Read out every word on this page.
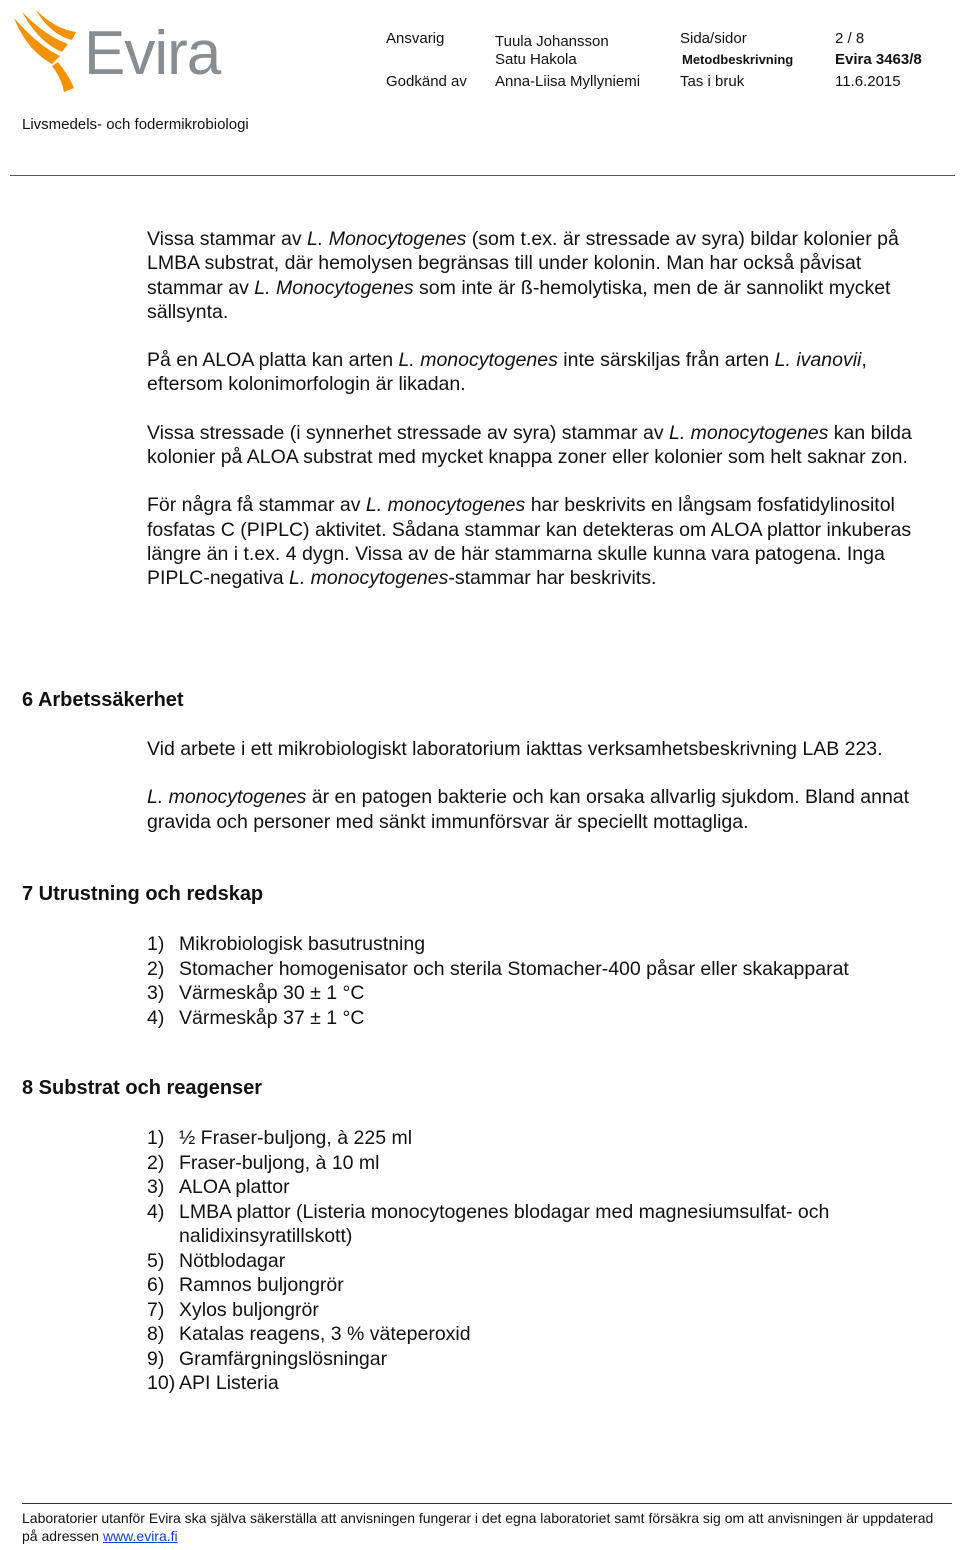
Evira	Ansvarig	Tuula Johansson
Satu Hakola
Godkänd av Anna-Liisa Myllyniemi
Sida/sidor
Metodbeskrivning
Tas i bruk
2 / 8
Evira 3463/8
11.6.2015
Livsmedels- och fodermikrobiologi

Vissa stammar av L. Monocytogenes (som t.ex. är stressade av syra) bildar kolonier på LMBA substrat, där hemolysen begränsas till under kolonin. Man har också påvisat stammar av L. Monocytogenes som inte är ß-hemolytiska, men de är sannolikt mycket sällsynta.

På en ALOA platta kan arten L. monocytogenes inte särskiljas från arten L. ivanovii, eftersom kolonimorfologin är likadan.

Vissa stressade (i synnerhet stressade av syra) stammar av L. monocytogenes kan bilda kolonier på ALOA substrat med mycket knappa zoner eller kolonier som helt saknar zon.

För några få stammar av L. monocytogenes har beskrivits en långsam fosfatidylinositol fosfatas C (PIPLC) aktivitet. Sådana stammar kan detekteras om ALOA plattor inkuberas längre än i t.ex. 4 dygn. Vissa av de här stammarna skulle kunna vara patogena. Inga PIPLC-negativa L. monocytogenes-stammar har beskrivits.

6 Arbetssäkerhet

Vid arbete i ett mikrobiologiskt laboratorium iakttas verksamhetsbeskrivning LAB 223.

L. monocytogenes är en patogen bakterie och kan orsaka allvarlig sjukdom. Bland annat gravida och personer med sänkt immunförsvar är speciellt mottagliga.

7 Utrustning och redskap
1) Mikrobiologisk basutrustning
2) Stomacher homogenisator och sterila Stomacher-400 påsar eller skakapparat
3) Värmeskåp 30 ± 1 °C
4) Värmeskåp 37 ± 1 °C
8 Substrat och reagenser
1) ½ Fraser-buljong, à 225 ml
2) Fraser-buljong, à 10 ml
3) ALOA plattor
4) LMBA plattor (Listeria monocytogenes blodagar med magnesiumsulfat- och nalidixinsyratillskott)
5) Nötblodagar
6) Ramnos buljongrör
7) Xylos buljongrör
8) Katalas reagens, 3 % väteperoxid
9) Gramfärgningslösningar
10) API Listeria
Laboratorier utanför Evira ska själva säkerställa att anvisningen fungerar i det egna laboratoriet samt försäkra sig om att anvisningen är uppdaterad på adressen www.evira.fi
